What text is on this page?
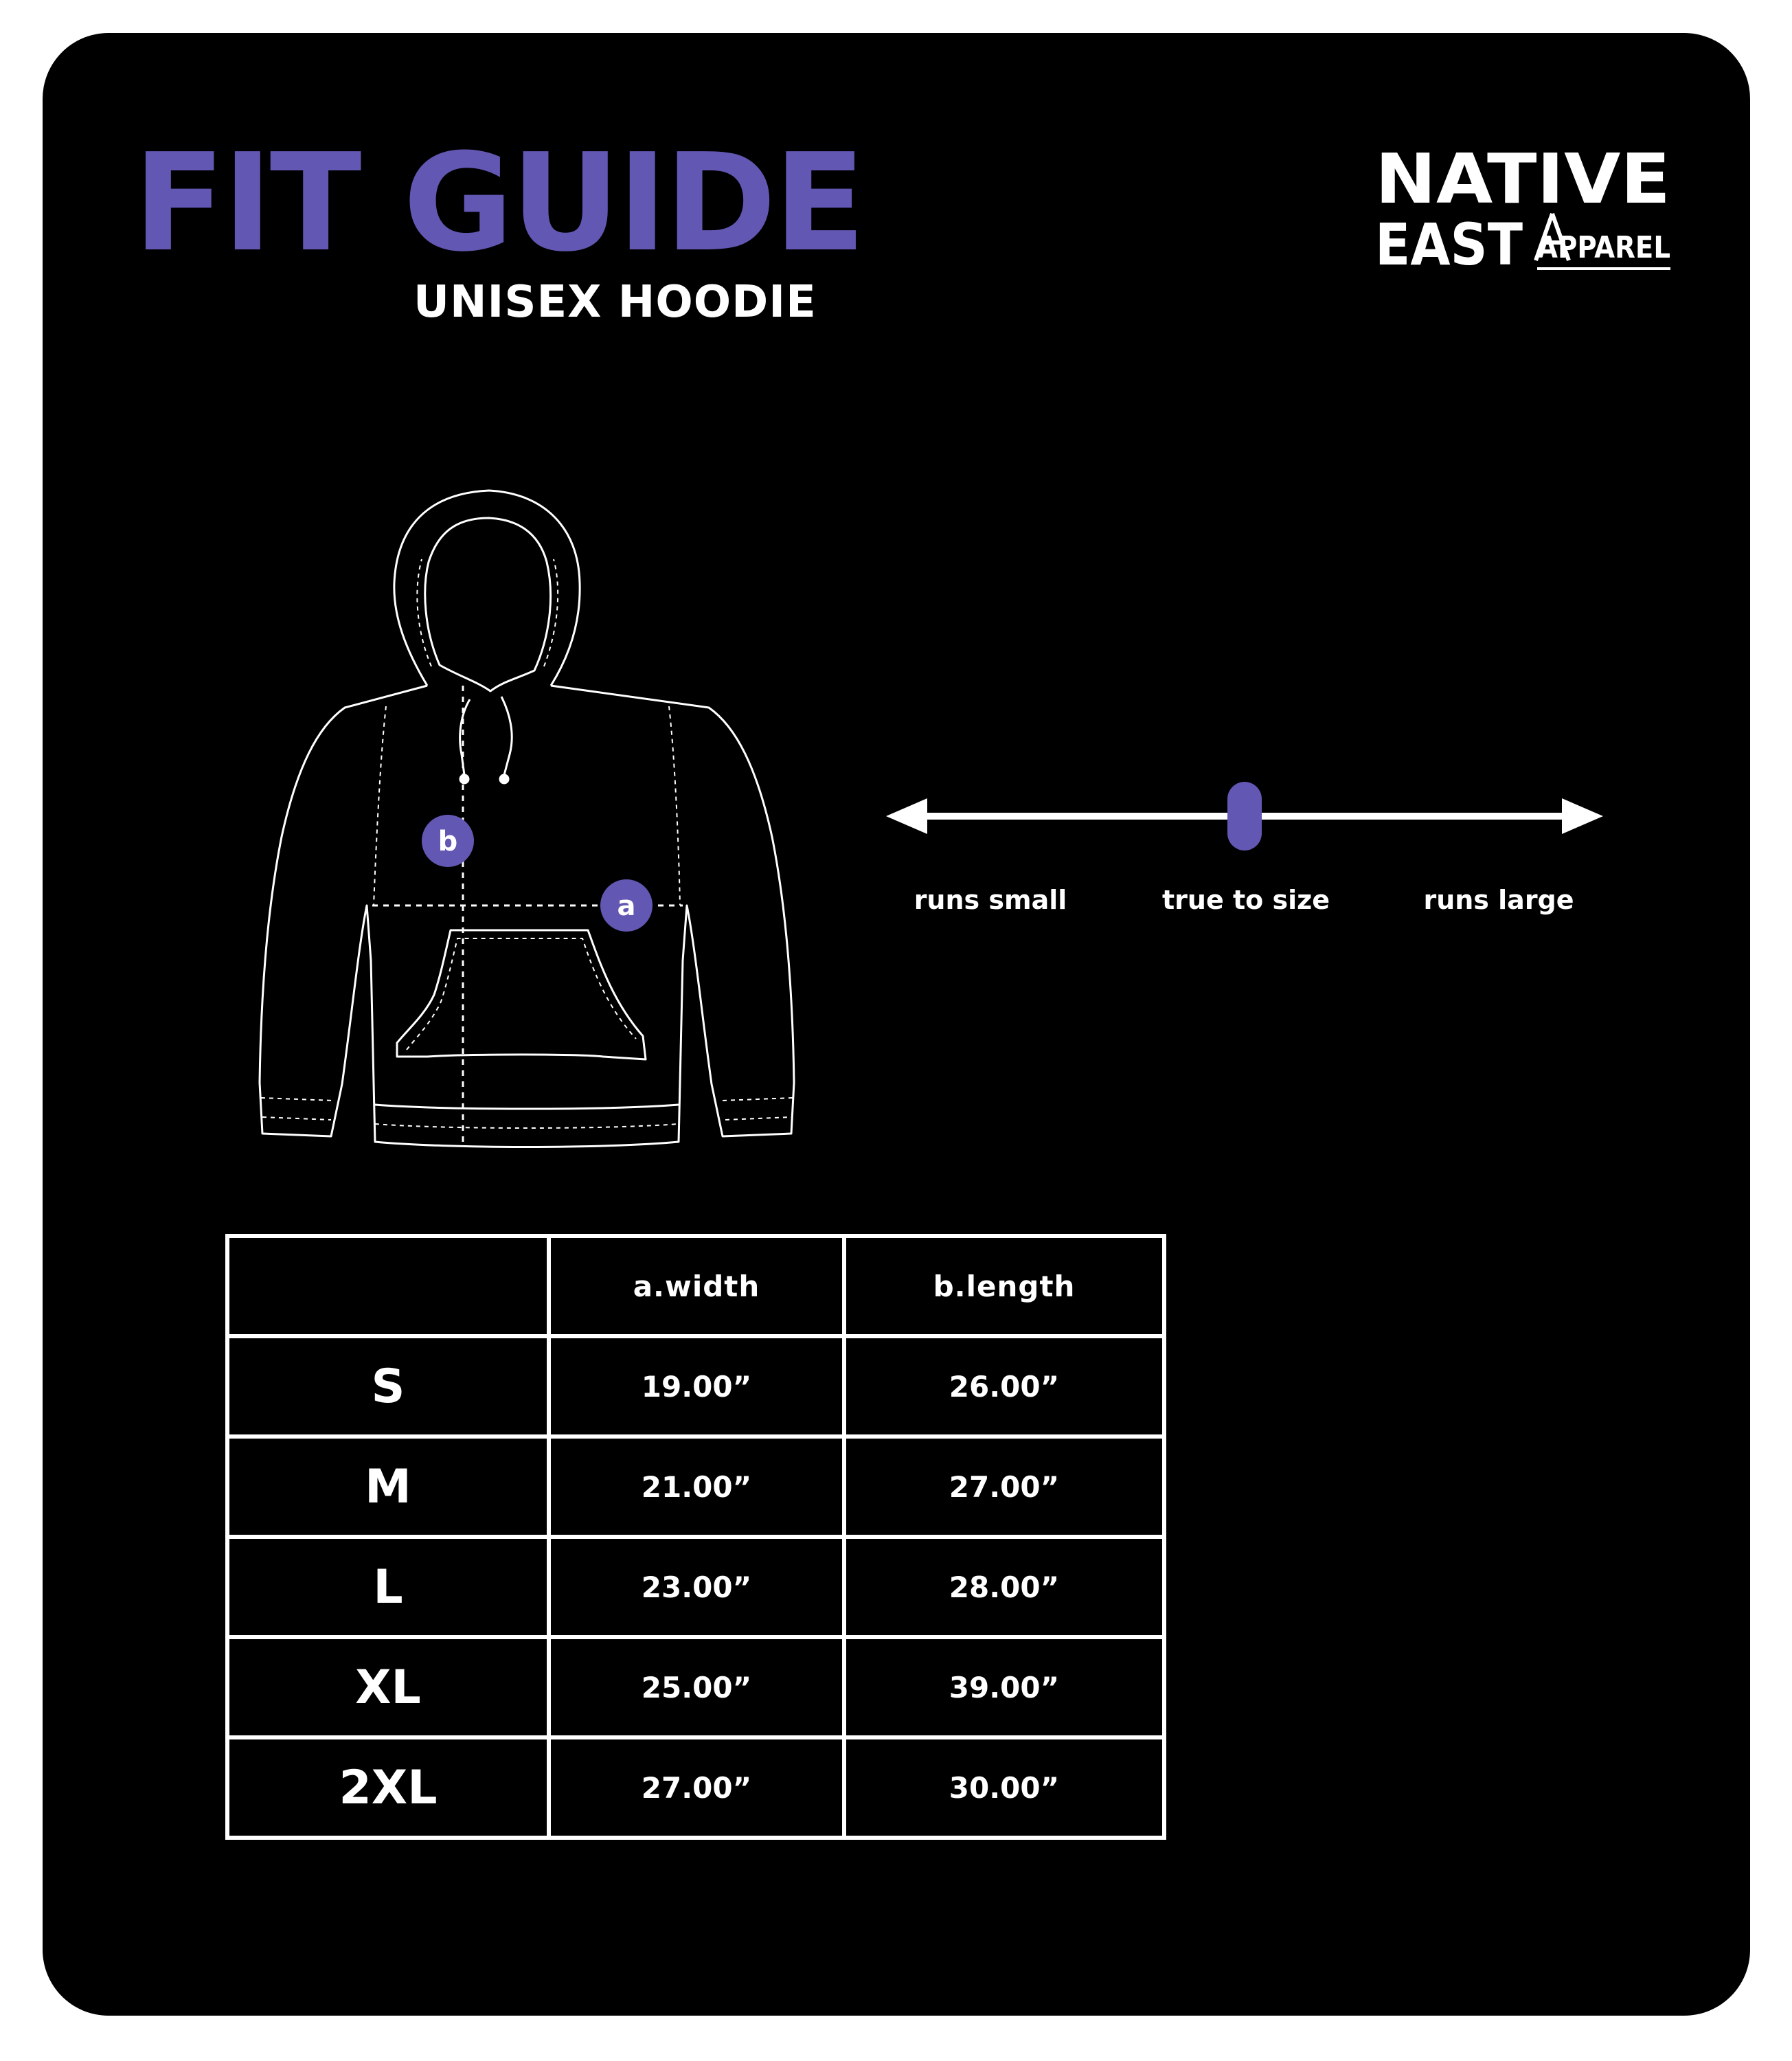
FIT GUIDE
UNISEX HOODIE
NATIVE
EAST APPAREL
b
a	runs small	true to size	runs large
	a.width	b.length
S	19.00”	26.00”
M	21.00”	27.00”
L	23.00”	28.00”
XL	25.00”	39.00”
2XL	27.00”	30.00”
